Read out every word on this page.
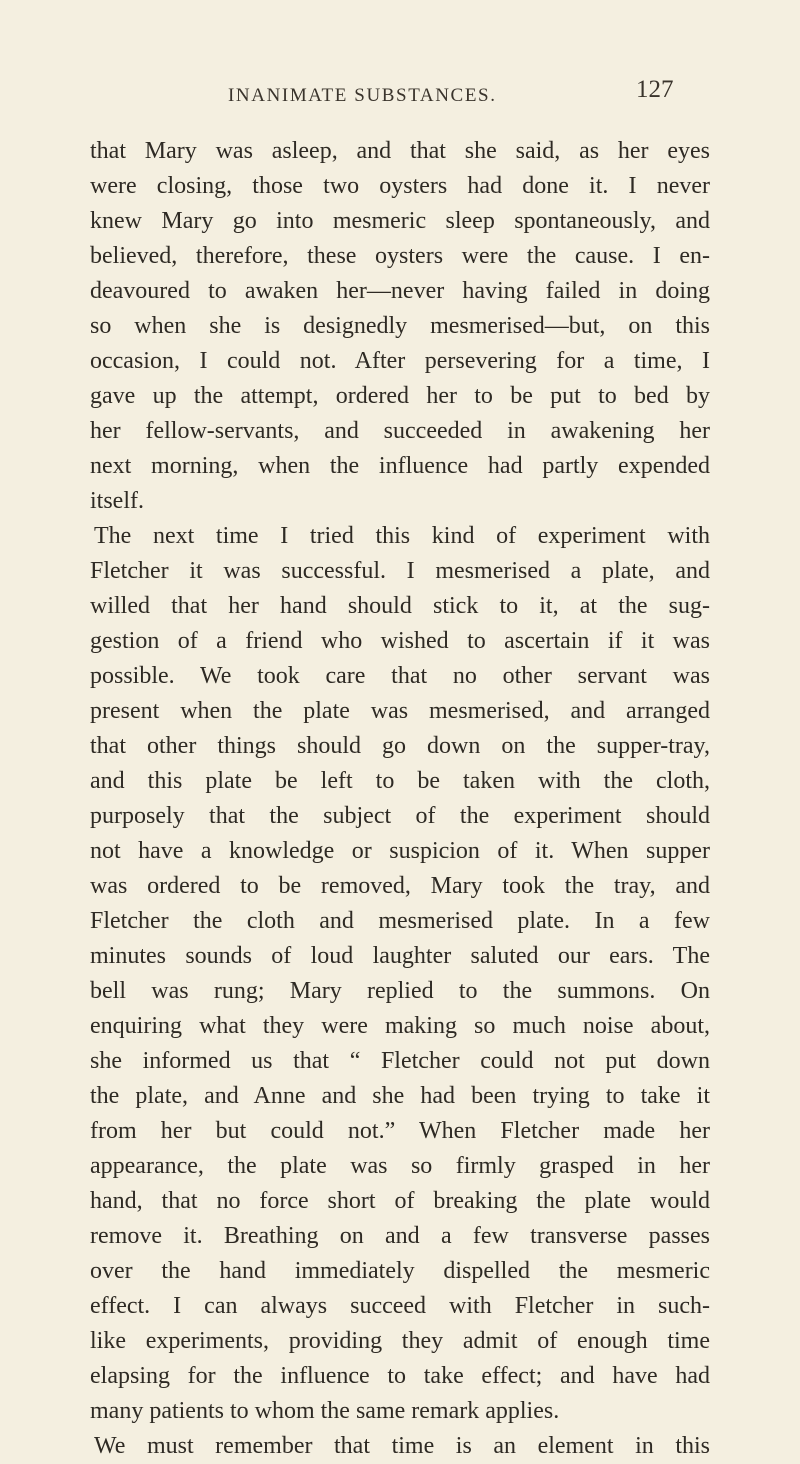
INANIMATE SUBSTANCES.	127
that Mary was asleep, and that she said, as her eyes
were closing, those two oysters had done it. I never
knew Mary go into mesmeric sleep spontaneously, and
believed, therefore, these oysters were the cause. I en-
deavoured to awaken her—never having failed in doing
so when she is designedly mesmerised—but, on this
occasion, I could not. After persevering for a time, I
gave up the attempt, ordered her to be put to bed by
her fellow-servants, and succeeded in awakening her
next morning, when the influence had partly expended
itself.
The next time I tried this kind of experiment with
Fletcher it was successful. I mesmerised a plate, and
willed that her hand should stick to it, at the sug-
gestion of a friend who wished to ascertain if it was
possible. We took care that no other servant was
present when the plate was mesmerised, and arranged
that other things should go down on the supper-tray,
and this plate be left to be taken with the cloth,
purposely that the subject of the experiment should
not have a knowledge or suspicion of it. When supper
was ordered to be removed, Mary took the tray, and
Fletcher the cloth and mesmerised plate. In a few
minutes sounds of loud laughter saluted our ears. The
bell was rung; Mary replied to the summons. On
enquiring what they were making so much noise about,
she informed us that “ Fletcher could not put down
the plate, and Anne and she had been trying to take it
from her but could not.” When Fletcher made her
appearance, the plate was so firmly grasped in her
hand, that no force short of breaking the plate would
remove it. Breathing on and a few transverse passes
over the hand immediately dispelled the mesmeric
effect. I can always succeed with Fletcher in such-
like experiments, providing they admit of enough time
elapsing for the influence to take effect; and have had
many patients to whom the same remark applies.
We must remember that time is an element in this
